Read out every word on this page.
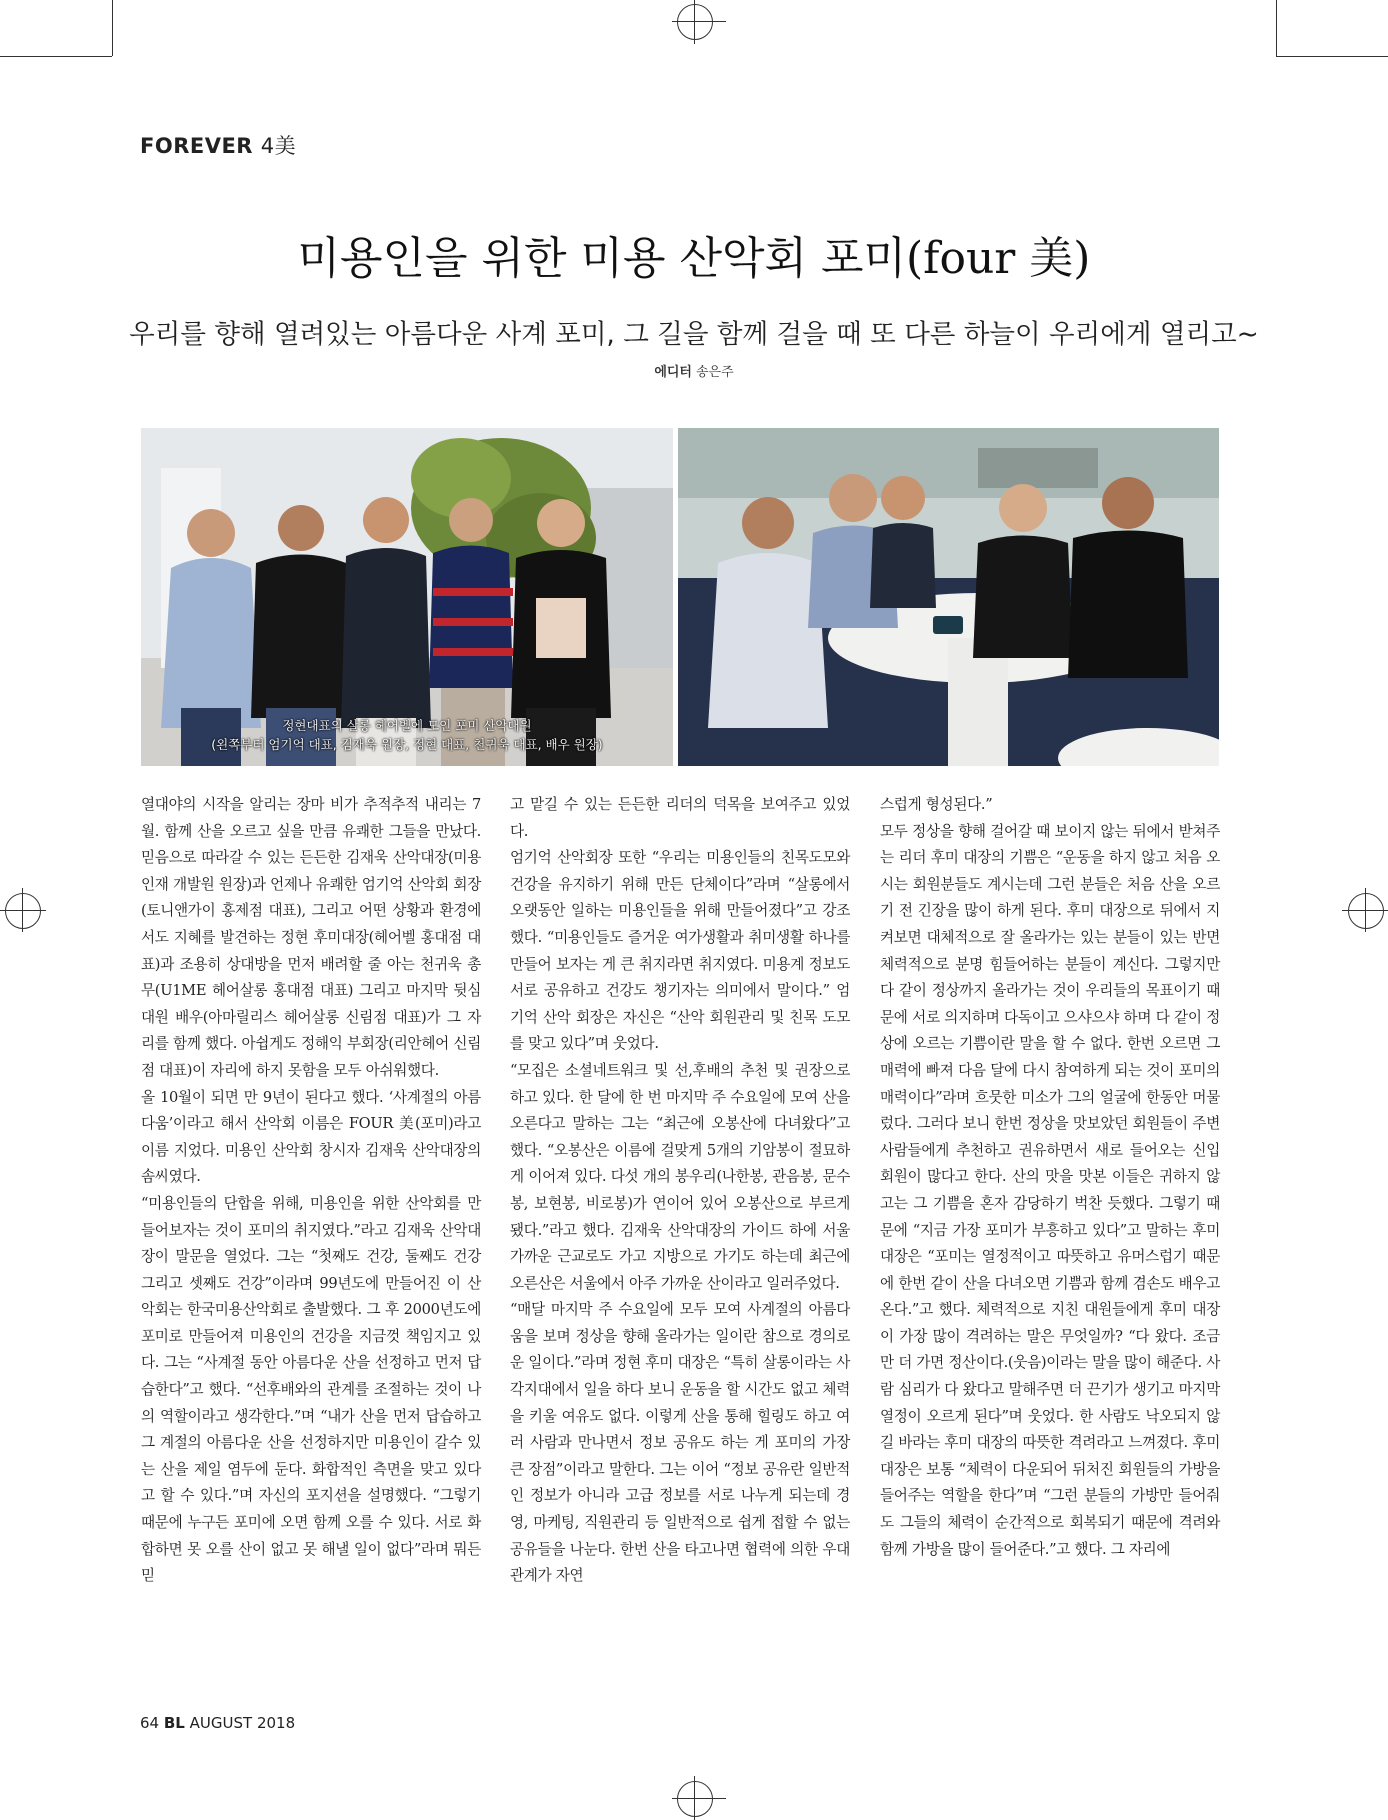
FOREVER 4美
미용인을 위한 미용 산악회 포미(four 美)
우리를 향해 열려있는 아름다운 사계 포미, 그 길을 함께 걸을 때 또 다른 하늘이 우리에게 열리고~
에디터 송은주
정현대표의 살롱 헤어벨에 모인 포미 산악대원
(왼쪽부터 엄기억 대표, 김재욱 원장, 정현 대표, 천귀욱 대표, 배우 원장)

열대야의 시작을 알리는 장마 비가 추적추적 내리는 7월. 함께 산을 오르고 싶을 만큼 유쾌한 그들을 만났다. 믿음으로 따라갈 수 있는 든든한 김재욱 산악대장(미용 인재 개발원 원장)과 언제나 유쾌한 엄기억 산악회 회장(토니앤가이 홍제점 대표), 그리고 어떤 상황과 환경에서도 지혜를 발견하는 정현 후미대장(헤어벨 홍대점 대표)과 조용히 상대방을 먼저 배려할 줄 아는 천귀욱 총무(U1ME 헤어살롱 홍대점 대표) 그리고 마지막 뒷심 대원 배우(아마릴리스 헤어살롱 신림점 대표)가 그 자리를 함께 했다. 아쉽게도 정해익 부회장(리안헤어 신림점 대표)이 자리에 하지 못함을 모두 아쉬워했다.

올 10월이 되면 만 9년이 된다고 했다. ‘사계절의 아름다움’이라고 해서 산악회 이름은 FOUR 美(포미)라고 이름 지었다. 미용인 산악회 창시자 김재욱 산악대장의 솜씨였다.

“미용인들의 단합을 위해, 미용인을 위한 산악회를 만들어보자는 것이 포미의 취지였다.”라고 김재욱 산악대장이 말문을 열었다. 그는 “첫째도 건강, 둘째도 건강 그리고 셋째도 건강”이라며 99년도에 만들어진 이 산악회는 한국미용산악회로 출발했다. 그 후 2000년도에 포미로 만들어져 미용인의 건강을 지금껏 책임지고 있다. 그는 “사계절 동안 아름다운 산을 선정하고 먼저 답습한다”고 했다. “선후배와의 관계를 조절하는 것이 나의 역할이라고 생각한다.”며 “내가 산을 먼저 답습하고 그 계절의 아름다운 산을 선정하지만 미용인이 갈수 있는 산을 제일 염두에 둔다. 화합적인 측면을 맞고 있다고 할 수 있다.”며 자신의 포지션을 설명했다. “그렇기 때문에 누구든 포미에 오면 함께 오를 수 있다. 서로 화합하면 못 오를 산이 없고 못 해낼 일이 없다”라며 뭐든 믿

고 맡길 수 있는 든든한 리더의 덕목을 보여주고 있었다.

엄기억 산악회장 또한 “우리는 미용인들의 친목도모와 건강을 유지하기 위해 만든 단체이다”라며 “살롱에서 오랫동안 일하는 미용인들을 위해 만들어졌다”고 강조했다. “미용인들도 즐거운 여가생활과 취미생활 하나를 만들어 보자는 게 큰 취지라면 취지였다. 미용계 정보도 서로 공유하고 건강도 챙기자는 의미에서 말이다.” 엄기억 산악 회장은 자신은 “산악 회원관리 및 친목 도모를 맞고 있다”며 웃었다.

“모집은 소셜네트워크 및 선,후배의 추천 및 권장으로 하고 있다. 한 달에 한 번 마지막 주 수요일에 모여 산을 오른다고 말하는 그는 “최근에 오봉산에 다녀왔다”고 했다. “오봉산은 이름에 걸맞게 5개의 기암봉이 절묘하게 이어져 있다. 다섯 개의 봉우리(나한봉, 관음봉, 문수봉, 보현봉, 비로봉)가 연이어 있어 오봉산으로 부르게 됐다.”라고 했다. 김재욱 산악대장의 가이드 하에 서울 가까운 근교로도 가고 지방으로 가기도 하는데 최근에 오른산은 서울에서 아주 가까운 산이라고 일러주었다.

“매달 마지막 주 수요일에 모두 모여 사계절의 아름다움을 보며 정상을 향해 올라가는 일이란 참으로 경의로운 일이다.”라며 정현 후미 대장은 “특히 살롱이라는 사각지대에서 일을 하다 보니 운동을 할 시간도 없고 체력을 키울 여유도 없다. 이렇게 산을 통해 힐링도 하고 여러 사람과 만나면서 정보 공유도 하는 게 포미의 가장 큰 장점”이라고 말한다. 그는 이어 “정보 공유란 일반적인 정보가 아니라 고급 정보를 서로 나누게 되는데 경영, 마케팅, 직원관리 등 일반적으로 쉽게 접할 수 없는 공유들을 나눈다. 한번 산을 타고나면 협력에 의한 우대 관계가 자연

스럽게 형성된다.”

모두 정상을 향해 걸어갈 때 보이지 않는 뒤에서 받쳐주는 리더 후미 대장의 기쁨은 “운동을 하지 않고 처음 오시는 회원분들도 계시는데 그런 분들은 처음 산을 오르기 전 긴장을 많이 하게 된다. 후미 대장으로 뒤에서 지켜보면 대체적으로 잘 올라가는 있는 분들이 있는 반면 체력적으로 분명 힘들어하는 분들이 계신다. 그렇지만 다 같이 정상까지 올라가는 것이 우리들의 목표이기 때문에 서로 의지하며 다독이고 으샤으샤 하며 다 같이 정상에 오르는 기쁨이란 말을 할 수 없다. 한번 오르면 그 매력에 빠져 다음 달에 다시 참여하게 되는 것이 포미의 매력이다”라며 흐뭇한 미소가 그의 얼굴에 한동안 머물렀다. 그러다 보니 한번 정상을 맛보았던 회원들이 주변 사람들에게 추천하고 권유하면서 새로 들어오는 신입 회원이 많다고 한다. 산의 맛을 맛본 이들은 귀하지 않고는 그 기쁨을 혼자 감당하기 벅찬 듯했다. 그렇기 때문에 “지금 가장 포미가 부흥하고 있다”고 말하는 후미 대장은 “포미는 열정적이고 따뜻하고 유머스럽기 때문에 한번 같이 산을 다녀오면 기쁨과 함께 겸손도 배우고 온다.”고 했다. 체력적으로 지친 대원들에게 후미 대장이 가장 많이 격려하는 말은 무엇일까? “다 왔다. 조금만 더 가면 정산이다.(웃음)이라는 말을 많이 해준다. 사람 심리가 다 왔다고 말해주면 더 끈기가 생기고 마지막 열정이 오르게 된다”며 웃었다. 한 사람도 낙오되지 않길 바라는 후미 대장의 따뜻한 격려라고 느껴졌다. 후미 대장은 보통 “체력이 다운되어 뒤처진 회원들의 가방을 들어주는 역할을 한다”며 “그런 분들의 가방만 들어줘도 그들의 체력이 순간적으로 회복되기 때문에 격려와 함께 가방을 많이 들어준다.”고 했다. 그 자리에

64 BL AUGUST 2018
